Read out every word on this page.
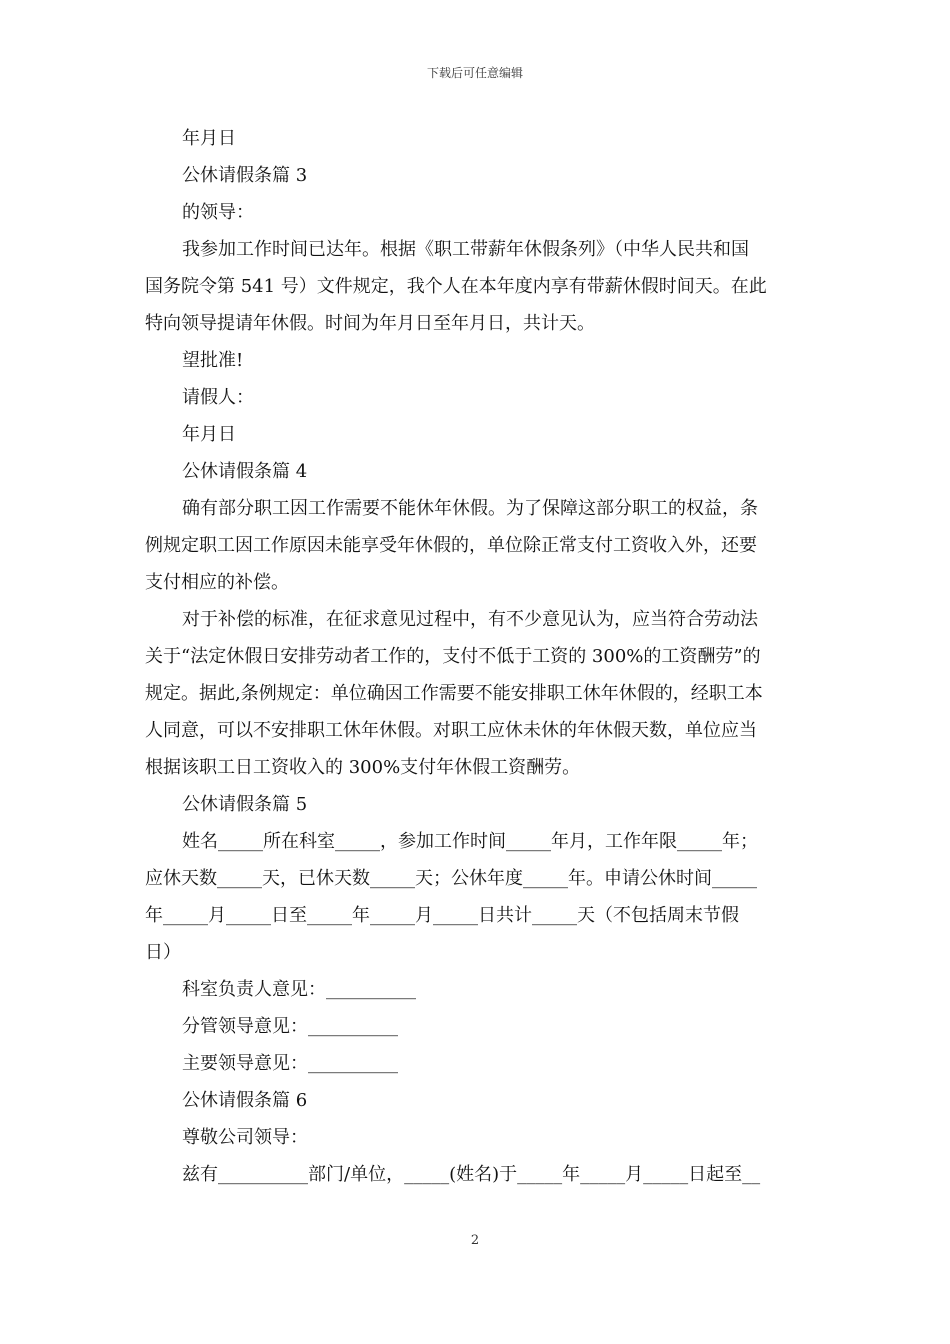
下载后可任意编辑
年月日
公休请假条篇 3
的领导：
我参加工作时间已达年。根据《职工带薪年休假条列》（中华人民共和国
国务院令第 541 号）文件规定，我个人在本年度内享有带薪休假时间天。在此
特向领导提请年休假。时间为年月日至年月日，共计天。
望批准!
请假人：
年月日
公休请假条篇 4
确有部分职工因工作需要不能休年休假。为了保障这部分职工的权益，条
例规定职工因工作原因未能享受年休假的，单位除正常支付工资收入外，还要
支付相应的补偿。
对于补偿的标准，在征求意见过程中，有不少意见认为，应当符合劳动法
关于“法定休假日安排劳动者工作的，支付不低于工资的 300%的工资酬劳”的
规定。据此,条例规定：单位确因工作需要不能安排职工休年休假的，经职工本
人同意，可以不安排职工休年休假。对职工应休未休的年休假天数，单位应当
根据该职工日工资收入的 300%支付年休假工资酬劳。
公休请假条篇 5
姓名_____所在科室_____，参加工作时间_____年月，工作年限_____年；
应休天数_____天，已休天数_____天；公休年度_____年。申请公休时间_____
年_____月_____日至_____年_____月_____日共计_____天（不包括周末节假
日）
科室负责人意见：__________
分管领导意见：__________
主要领导意见：__________
公休请假条篇 6
尊敬公司领导：
兹有__________部门/单位，_____(姓名)于_____年_____月_____日起至__
2
